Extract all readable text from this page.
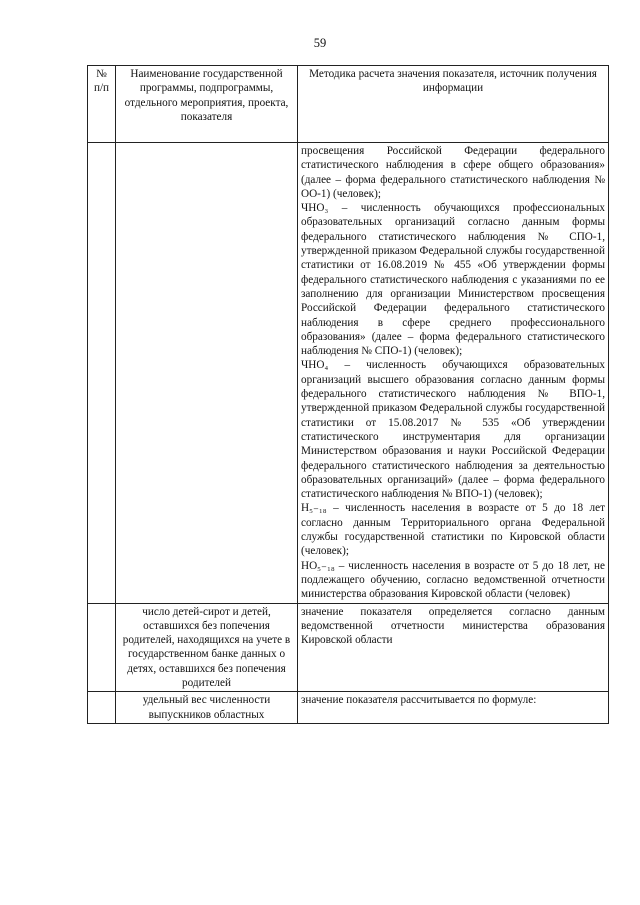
59
№ п/п	Наименование государственной программы, подпрограммы, отдельного мероприятия, проекта, показателя	Методика расчета значения показателя, источник получения информации

		просвещения Российской Федерации федерального статистического наблюдения в сфере общего образования» (далее – форма федерального статистического наблюдения № ОО-1) (человек);

ЧНО₃ – численность обучающихся профессиональных образовательных организаций согласно данным формы федерального статистического наблюдения № СПО-1, утвержденной приказом Федеральной службы государственной статистики от 16.08.2019 № 455 «Об утверждении формы федерального статистического наблюдения с указаниями по ее заполнению для организации Министерством просвещения Российской Федерации федерального статистического наблюдения в сфере среднего профессионального образования» (далее – форма федерального статистического наблюдения № СПО-1) (человек);

ЧНО₄ – численность обучающихся образовательных организаций высшего образования согласно данным формы федерального статистического наблюдения № ВПО-1, утвержденной приказом Федеральной службы государственной статистики от 15.08.2017 № 535 «Об утверждении статистического инструментария для организации Министерством образования и науки Российской Федерации федерального статистического наблюдения за деятельностью образовательных организаций» (далее – форма федерального статистического наблюдения № ВПО-1) (человек);

Н₅₋₁₈ – численность населения в возрасте от 5 до 18 лет согласно данным Территориального органа Федеральной службы государственной статистики по Кировской области (человек);

НО₅₋₁₈ – численность населения в возрасте от 5 до 18 лет, не подлежащего обучению, согласно ведомственной отчетности министерства образования Кировской области (человек)

	число детей-сирот и детей, оставшихся без попечения родителей, находящихся на учете в государственном банке данных о детях, оставшихся без попечения родителей	значение показателя определяется согласно данным ведомственной отчетности министерства образования Кировской области

	удельный вес численности выпускников областных	значение показателя рассчитывается по формуле:
